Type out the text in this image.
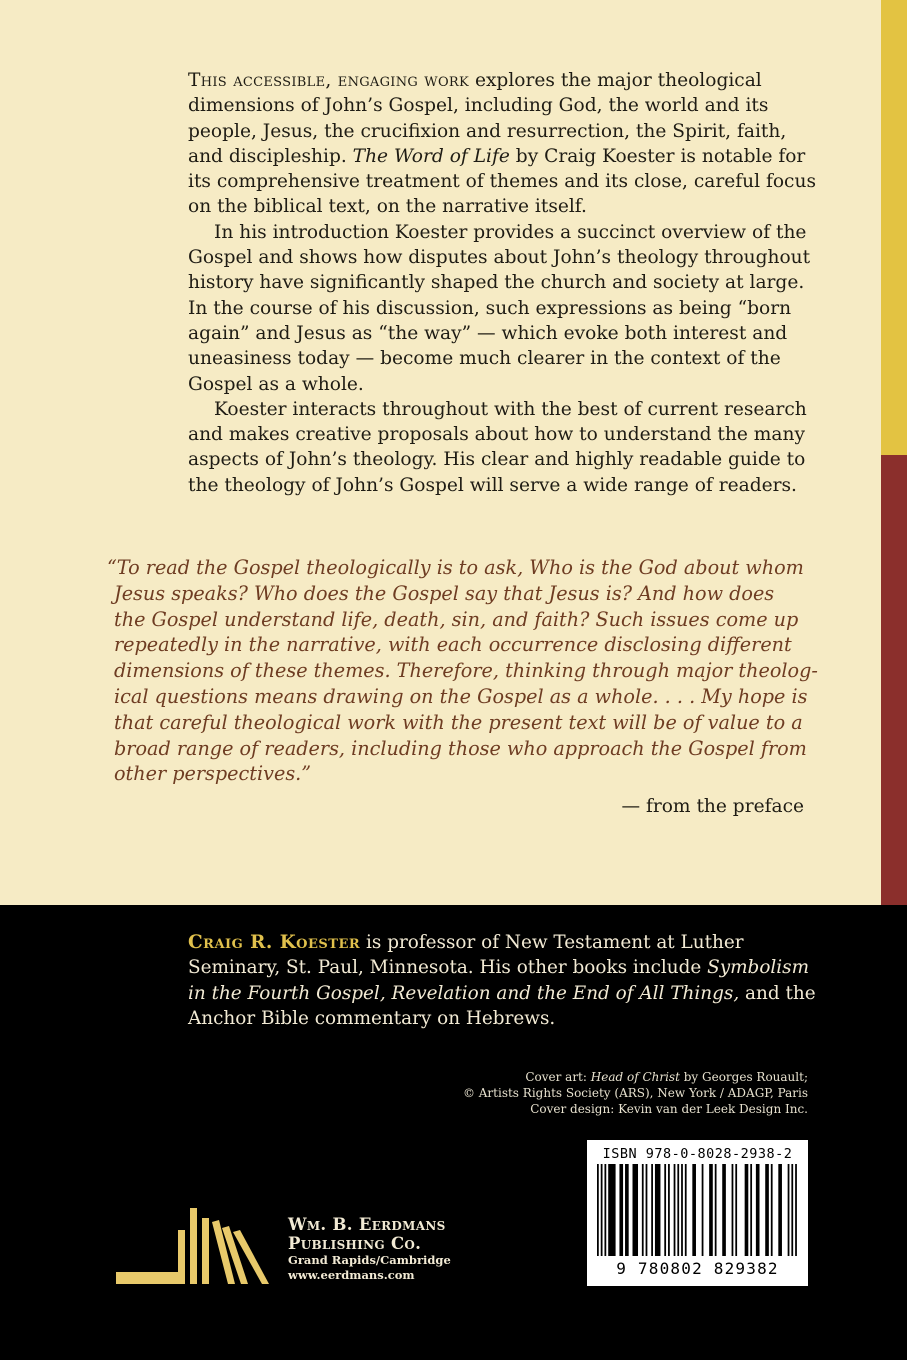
This accessible, engaging work explores the major theological dimensions of John’s Gospel, including God, the world and its people, Jesus, the crucifixion and resurrection, the Spirit, faith, and discipleship. The Word of Life by Craig Koester is notable for its comprehensive treatment of themes and its close, careful focus on the biblical text, on the narrative itself.

In his introduction Koester provides a succinct overview of the Gospel and shows how disputes about John’s theology throughout history have significantly shaped the church and society at large. In the course of his discussion, such expressions as being “born again” and Jesus as “the way” — which evoke both interest and uneasiness today — become much clearer in the context of the Gospel as a whole.

Koester interacts throughout with the best of current research and makes creative proposals about how to understand the many aspects of John’s theology. His clear and highly readable guide to the theology of John’s Gospel will serve a wide range of readers.

“To read the Gospel theologically is to ask, Who is the God about whom
Jesus speaks? Who does the Gospel say that Jesus is? And how does
the Gospel understand life, death, sin, and faith? Such issues come up
repeatedly in the narrative, with each occurrence disclosing different
dimensions of these themes. Therefore, thinking through major theolog-
ical questions means drawing on the Gospel as a whole. . . . My hope is
that careful theological work with the present text will be of value to a
broad range of readers, including those who approach the Gospel from
other perspectives.”
— from the preface
Craig R. Koester is professor of New Testament at Luther Seminary, St. Paul, Minnesota. His other books include Symbolism in the Fourth Gospel, Revelation and the End of All Things, and the Anchor Bible commentary on Hebrews.
Cover art: Head of Christ by Georges Rouault;
© Artists Rights Society (ARS), New York / ADAGP, Paris
Cover design: Kevin van der Leek Design Inc.
ISBN 978-0-8028-2938-2
9 780802 829382
Wm. B. Eerdmans
Publishing Co.
Grand Rapids/Cambridge
www.eerdmans.com
